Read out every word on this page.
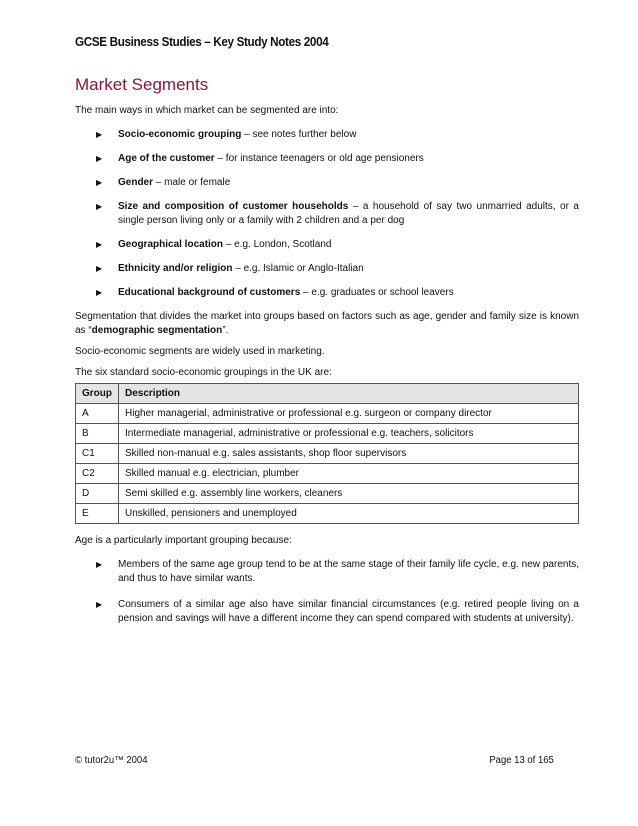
GCSE Business Studies – Key Study Notes 2004
Market Segments

The main ways in which market can be segmented are into:

▶ Socio-economic grouping – see notes further below
▶ Age of the customer – for instance teenagers or old age pensioners
▶ Gender – male or female
▶ Size and composition of customer households – a household of say two unmarried adults, or a single person living only or a family with 2 children and a per dog
▶ Geographical location – e.g. London, Scotland
▶ Ethnicity and/or religion – e.g. Islamic or Anglo-Italian
▶ Educational background of customers – e.g. graduates or school leavers

Segmentation that divides the market into groups based on factors such as age, gender and family size is known as “demographic segmentation”.

Socio-economic segments are widely used in marketing.

The six standard socio-economic groupings in the UK are:

Group	Description
A	Higher managerial, administrative or professional e.g. surgeon or company director
B	Intermediate managerial, administrative or professional e.g. teachers, solicitors
C1	Skilled non-manual e.g. sales assistants, shop floor supervisors
C2	Skilled manual e.g. electrician, plumber
D	Semi skilled e.g. assembly line workers, cleaners
E	Unskilled, pensioners and unemployed

Age is a particularly important grouping because:

▶ Members of the same age group tend to be at the same stage of their family life cycle, e.g. new parents, and thus to have similar wants.
▶ Consumers of a similar age also have similar financial circumstances (e.g. retired people living on a pension and savings will have a different income they can spend compared with students at university).
© tutor2u™ 2004	Page 13 of 165
